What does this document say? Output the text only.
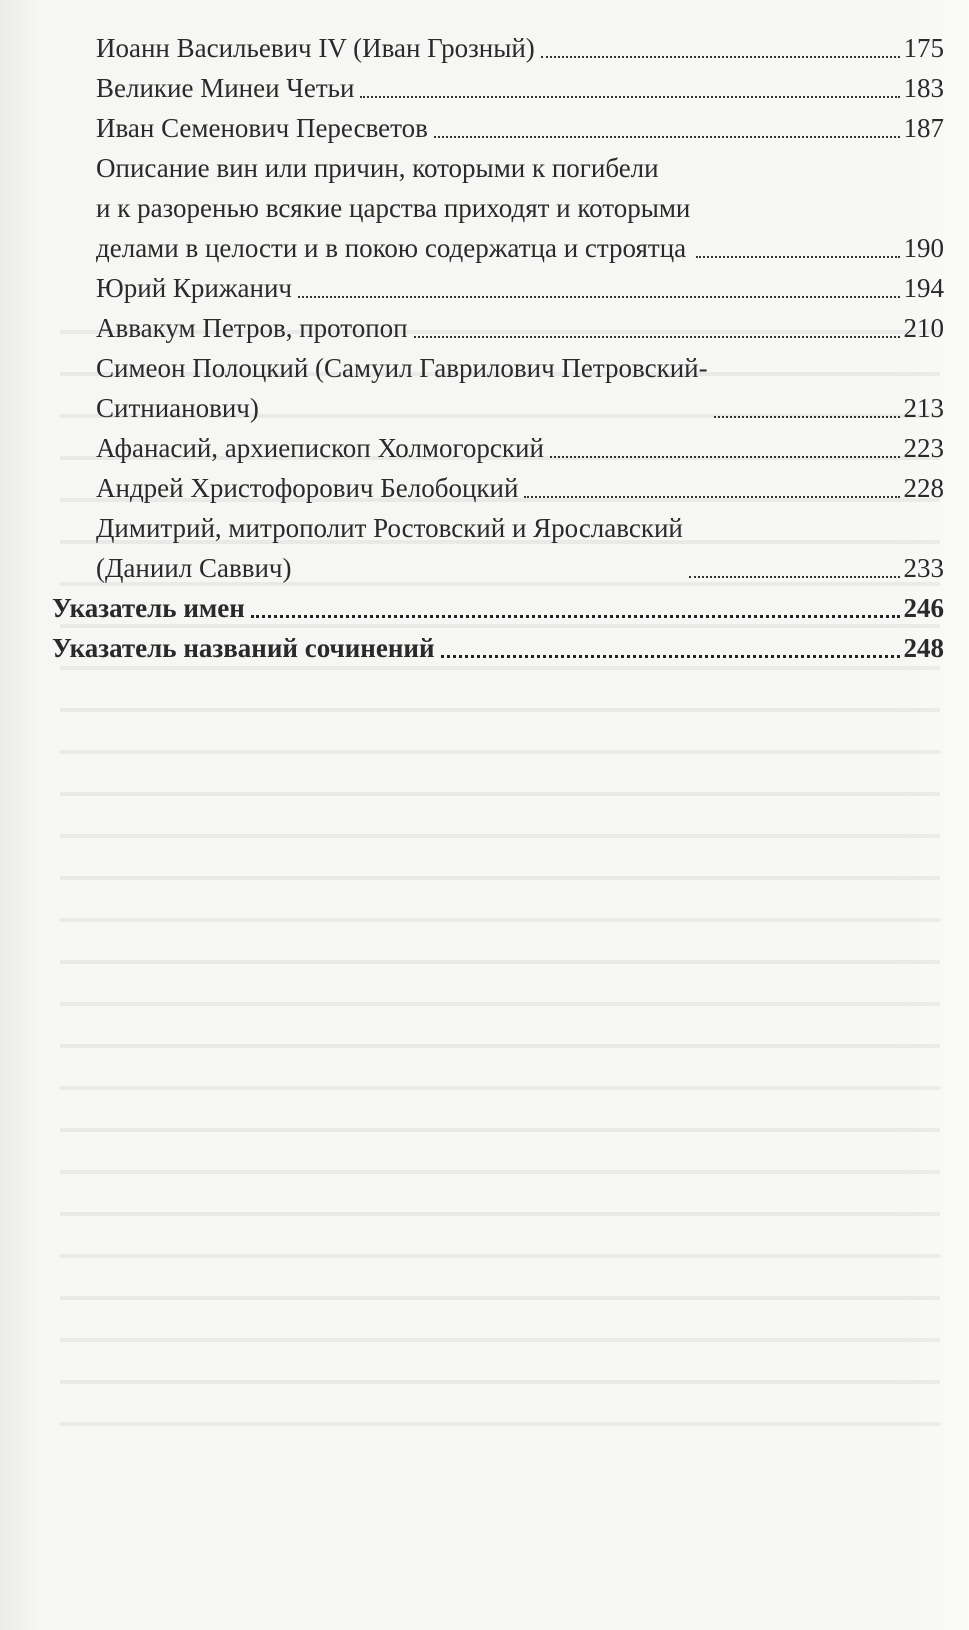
Иоанн Васильевич IV (Иван Грозный)	175
Великие Минеи Четьи	183
Иван Семенович Пересветов	187
Описание вин или причин, которыми к погибели
и к разоренью всякие царства приходят и которыми
делами в целости и в покою содержатца и строятца	190
Юрий Крижанич	194
Аввакум Петров, протопоп	210
Симеон Полоцкий (Самуил Гаврилович Петровский-
Ситнианович)	213
Афанасий, архиепископ Холмогорский	223
Андрей Христофорович Белобоцкий	228
Димитрий, митрополит Ростовский и Ярославский
(Даниил Саввич)	233
Указатель имен	246
Указатель названий сочинений	248
